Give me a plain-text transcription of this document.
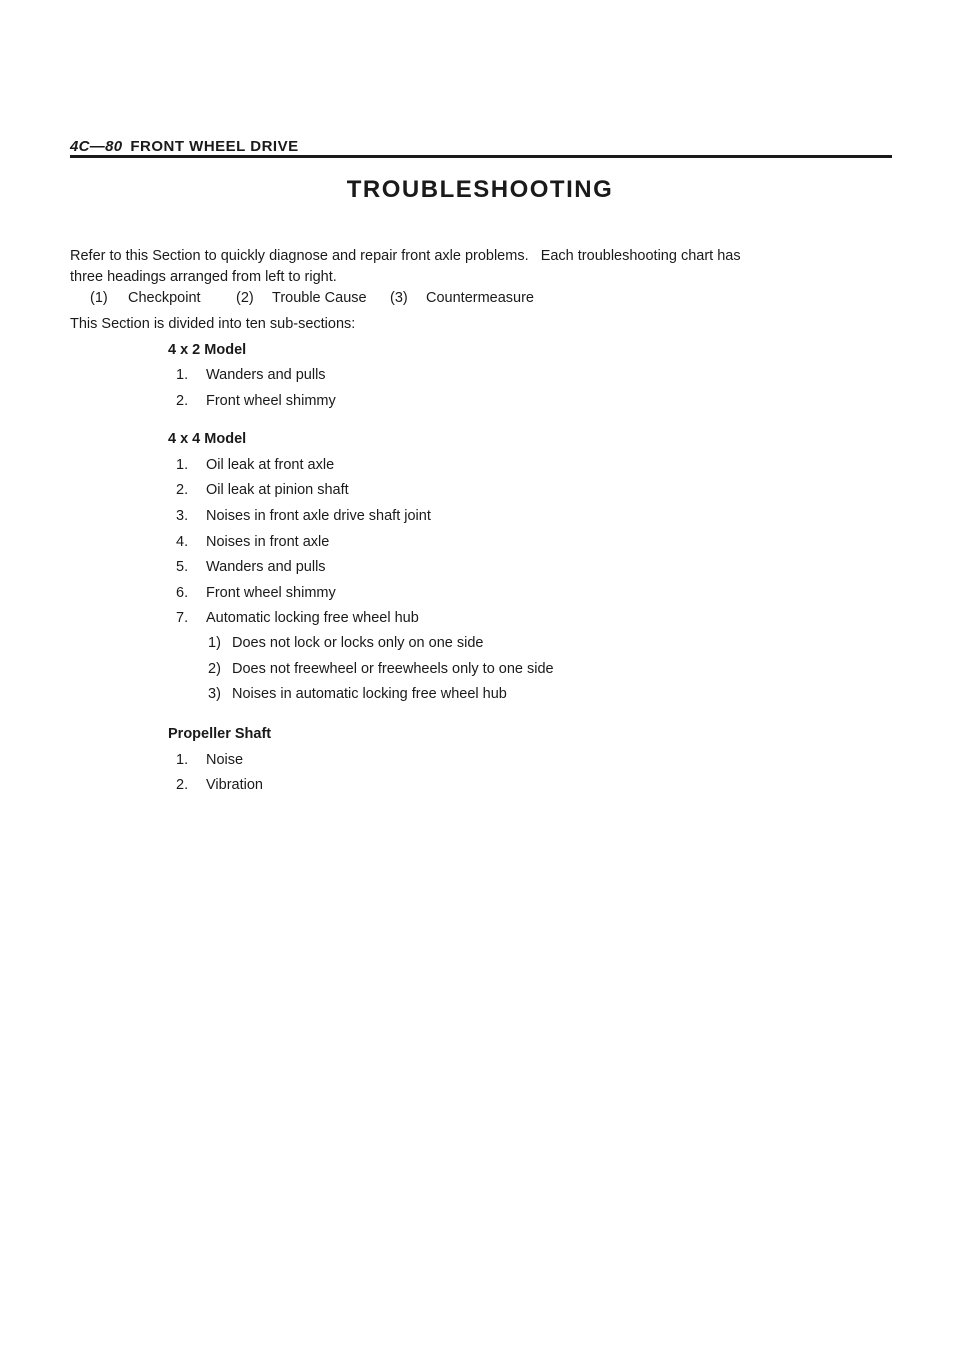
4C—80 FRONT WHEEL DRIVE
TROUBLESHOOTING
Refer to this Section to quickly diagnose and repair front axle problems.   Each troubleshooting chart has
three headings arranged from left to right.
(1) Checkpoint (2) Trouble Cause (3) Countermeasure
This Section is divided into ten sub-sections:
4 x 2 Model
1. Wanders and pulls
2. Front wheel shimmy
4 x 4 Model
1. Oil leak at front axle
2. Oil leak at pinion shaft
3. Noises in front axle drive shaft joint
4. Noises in front axle
5. Wanders and pulls
6. Front wheel shimmy
7. Automatic locking free wheel hub
1) Does not lock or locks only on one side
2) Does not freewheel or freewheels only to one side
3) Noises in automatic locking free wheel hub
Propeller Shaft
1. Noise
2. Vibration
